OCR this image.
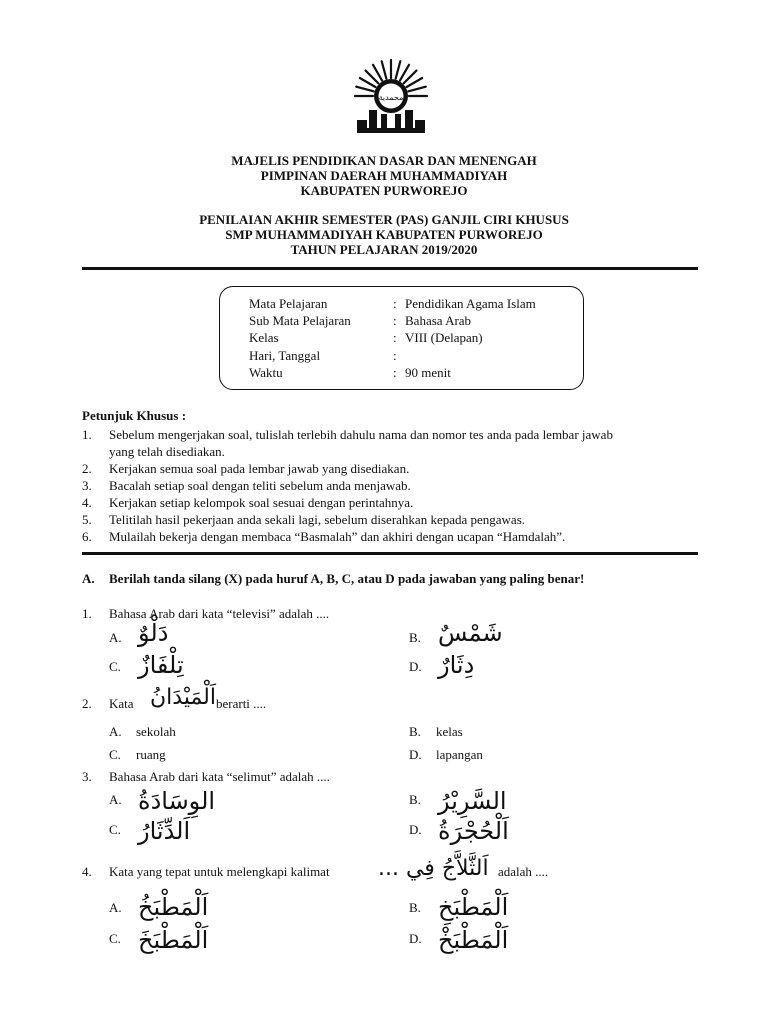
محمدية
MAJELIS PENDIDIKAN DASAR DAN MENENGAH
PIMPINAN DAERAH MUHAMMADIYAH
KABUPATEN PURWOREJO
PENILAIAN AKHIR SEMESTER (PAS) GANJIL CIRI KHUSUS
SMP MUHAMMADIYAH KABUPATEN PURWOREJO
TAHUN PELAJARAN 2019/2020
Mata Pelajaran	: Pendidikan Agama Islam
Sub Mata Pelajaran	: Bahasa Arab
Kelas	: VIII (Delapan)
Hari, Tanggal	:
Waktu	: 90 menit
Petunjuk Khusus :
1. Sebelum mengerjakan soal, tulislah terlebih dahulu nama dan nomor tes anda pada lembar jawab
yang telah disediakan.
2. Kerjakan semua soal pada lembar jawab yang disediakan.
3. Bacalah setiap soal dengan teliti sebelum anda menjawab.
4. Kerjakan setiap kelompok soal sesuai dengan perintahnya.
5. Telitilah hasil pekerjaan anda sekali lagi, sebelum diserahkan kepada pengawas.
6. Mulailah bekerja dengan membaca “Basmalah” dan akhiri dengan ucapan “Hamdalah”.
A. Berilah tanda silang (X) pada huruf A, B, C, atau D pada jawaban yang paling benar!
1. Bahasa Arab dari kata “televisi” adalah ....
A. دَلْوٌ	B. شَمْسٌ
C. تِلْفَازٌ	D. دِثَارٌ
2. Kata اَلْمَيْدَانُ berarti ....
A. sekolah	B. kelas
C. ruang	D. lapangan
3. Bahasa Arab dari kata “selimut” adalah ....
A. الوِسَادَةُ	B. السَّرِيْرُ
C. اَلدِّثَارُ	D. اَلْحُجْرَةُ
4. Kata yang tepat untuk melengkapi kalimat اَلثَّلاَّجُ فِي ... adalah ....
A. اَلْمَطْبَخُ	B. اَلْمَطْبَخِ
C. اَلْمَطْبَخَ	D. اَلْمَطْبَخْ
